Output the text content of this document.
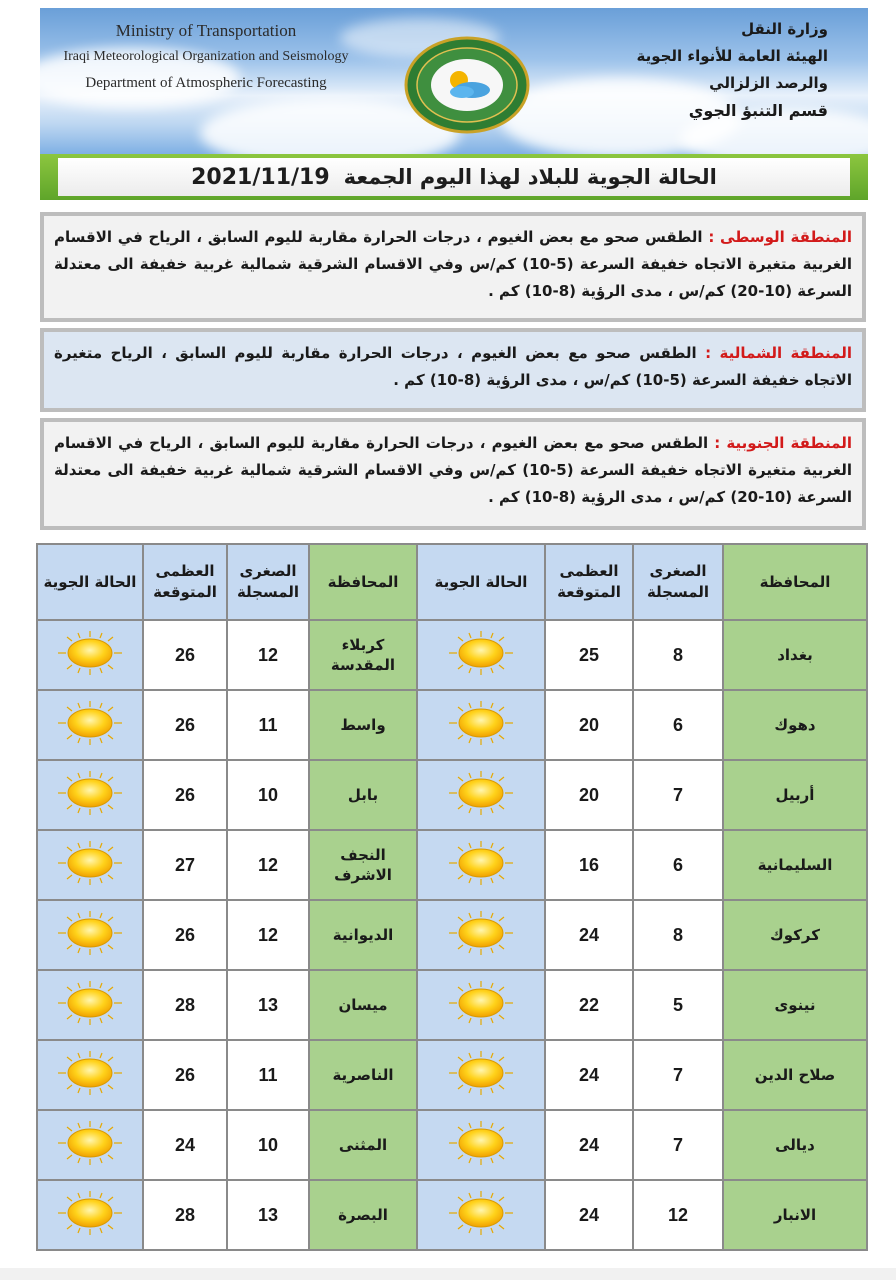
Ministry of Transportation
Iraqi Meteorological Organization and Seismology
Department of Atmospheric Forecasting
وزارة النقل
الهيئة العامة للأنواء الجوية والرصد الزلزالي
قسم التنبؤ الجوي
الحالة الجوية للبلاد لهذا اليوم الجمعة
2021/11/19
المنطقة الوسطى : الطقس صحو مع بعض الغيوم ، درجات الحرارة مقاربة لليوم السابق ، الرياح في الاقسام الغربية متغيرة الاتجاه خفيفة السرعة (5-10) كم/س وفي الاقسام الشرقية شمالية غربية خفيفة الى معتدلة السرعة (10-20) كم/س ، مدى الرؤية (8-10) كم .
المنطقة الشمالية : الطقس صحو مع بعض الغيوم ، درجات الحرارة مقاربة لليوم السابق ، الرياح متغيرة الاتجاه خفيفة السرعة (5-10) كم/س ، مدى الرؤية (8-10) كم .
المنطقة الجنوبية : الطقس صحو مع بعض الغيوم ، درجات الحرارة مقاربة لليوم السابق ، الرياح في الاقسام الغربية متغيرة الاتجاه خفيفة السرعة (5-10) كم/س وفي الاقسام الشرقية شمالية غربية خفيفة الى معتدلة السرعة (10-20) كم/س ، مدى الرؤية (8-10) كم .
الحالة الجوية	العظمى المتوقعة	الصغرى المسجلة	المحافظة	الحالة الجوية	العظمى المتوقعة	الصغرى المسجلة	المحافظة
	26	12	كربلاء المقدسة		25	8	بغداد
	26	11	واسط		20	6	دهوك
	26	10	بابل		20	7	أربيل
	27	12	النجف الاشرف		16	6	السليمانية
	26	12	الديوانية		24	8	كركوك
	28	13	ميسان		22	5	نينوى
	26	11	الناصرية		24	7	صلاح الدين
	24	10	المثنى		24	7	ديالى
	28	13	البصرة		24	12	الانبار
